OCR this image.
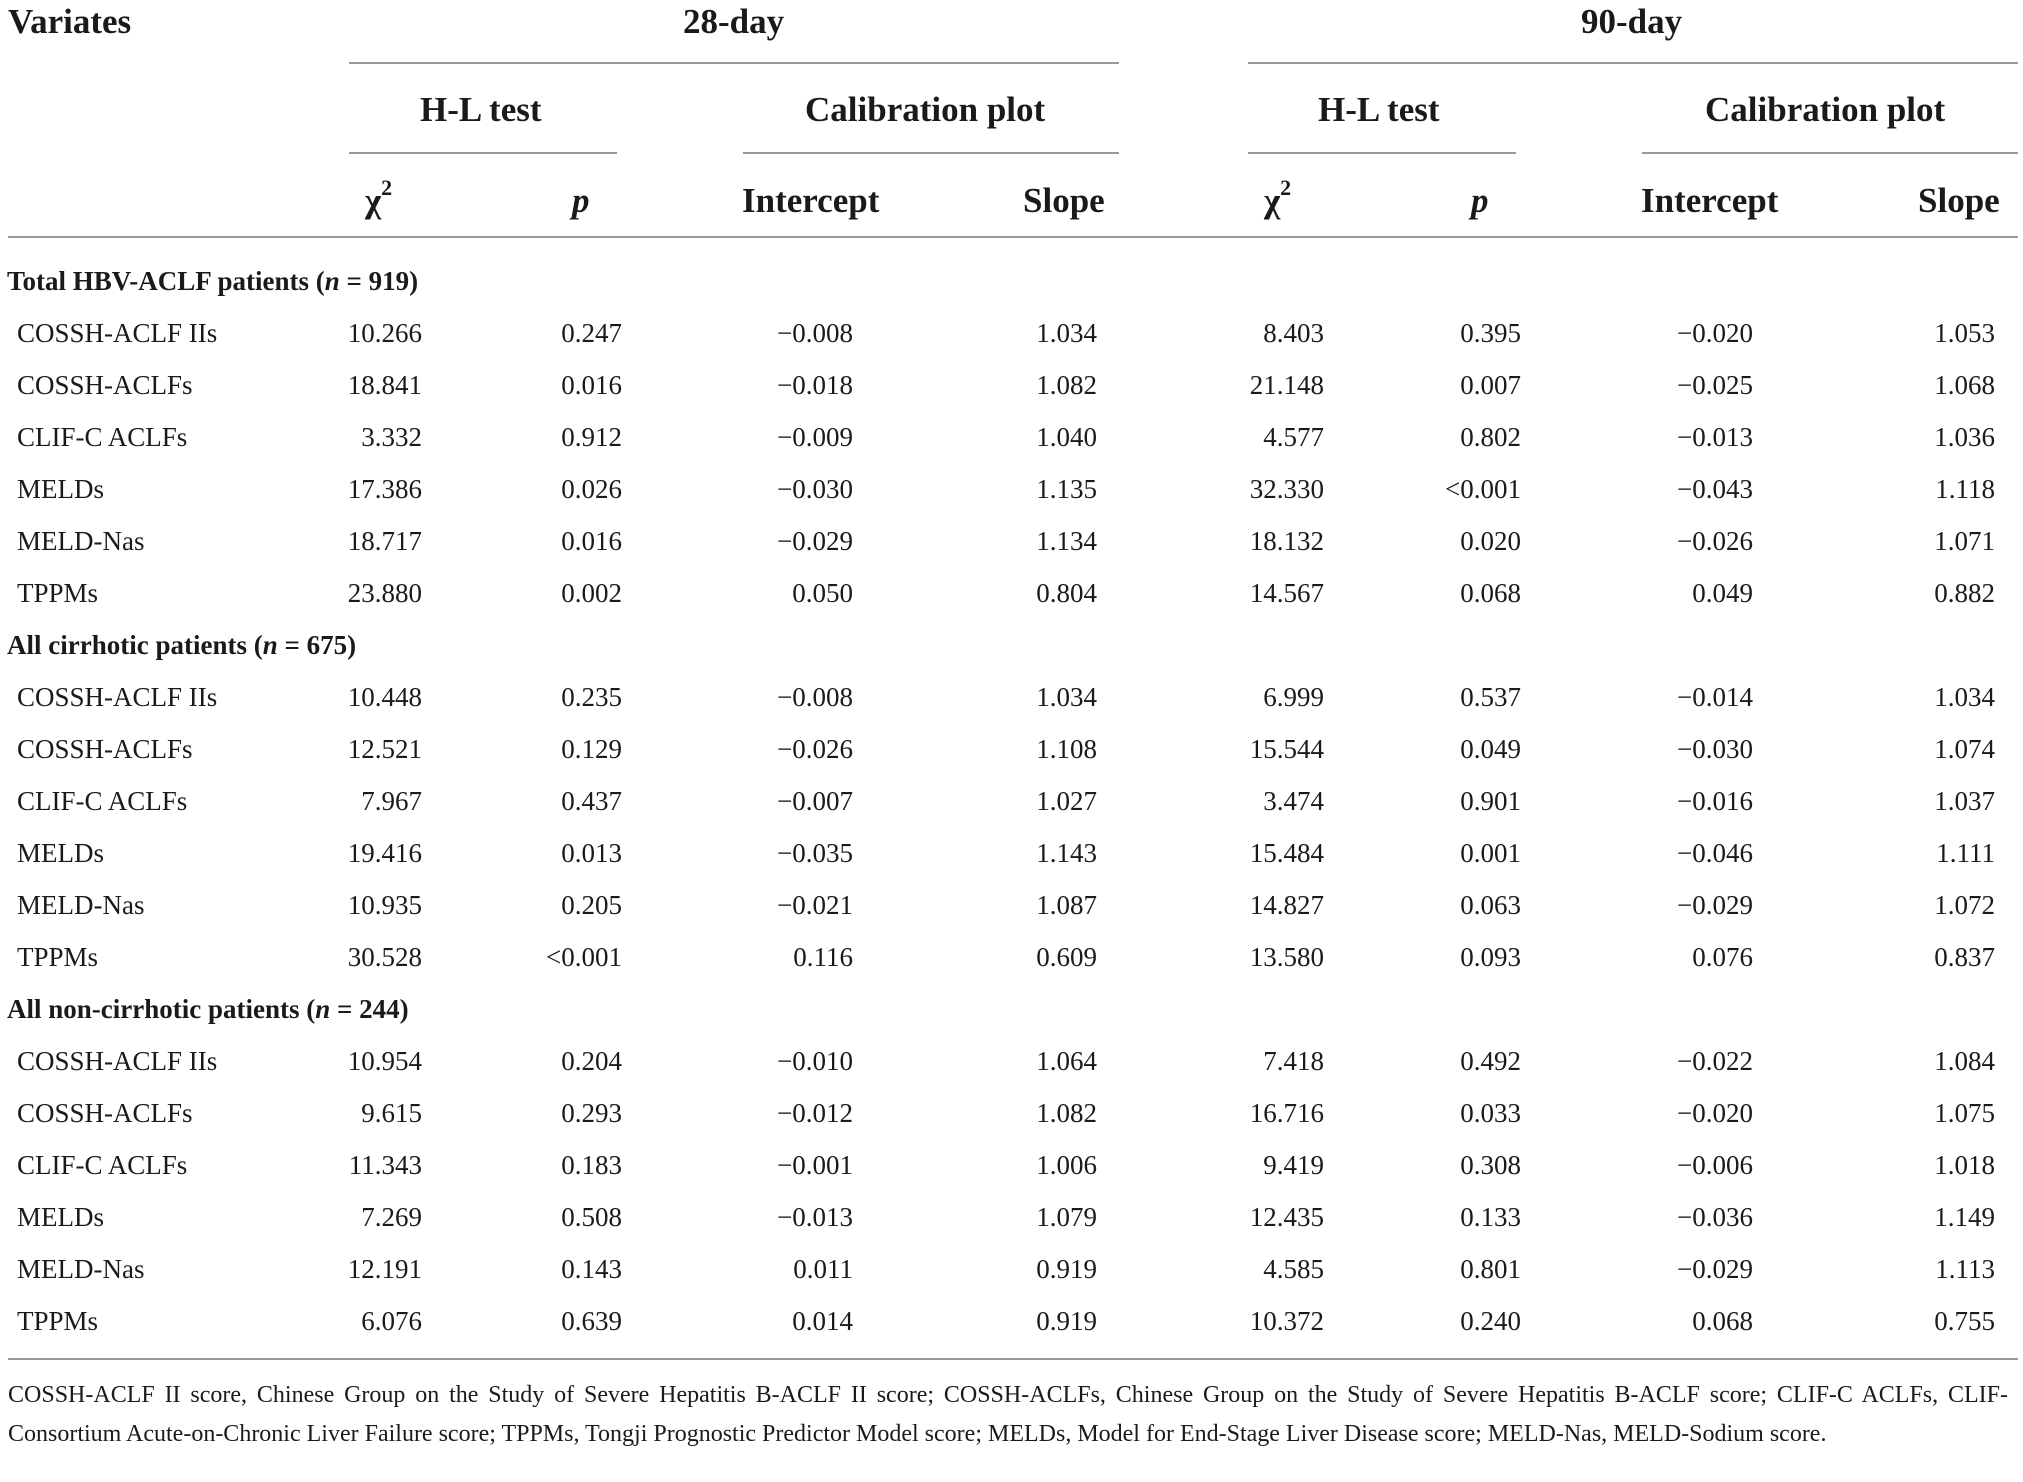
Variates	28-day	90-day
H-L test	Calibration plot	H-L test	Calibration plot
$\chi^2$	p	Intercept	Slope	$\chi^2$	p	Intercept	Slope
Total HBV-ACLF patients (n = 919)
COSSH-ACLF IIs	10.266	0.247	−0.008	1.034	8.403	0.395	−0.020	1.053
COSSH-ACLFs	18.841	0.016	−0.018	1.082	21.148	0.007	−0.025	1.068
CLIF-C ACLFs	3.332	0.912	−0.009	1.040	4.577	0.802	−0.013	1.036
MELDs	17.386	0.026	−0.030	1.135	32.330	<0.001	−0.043	1.118
MELD-Nas	18.717	0.016	−0.029	1.134	18.132	0.020	−0.026	1.071
TPPMs	23.880	0.002	0.050	0.804	14.567	0.068	0.049	0.882
All cirrhotic patients (n = 675)
COSSH-ACLF IIs	10.448	0.235	−0.008	1.034	6.999	0.537	−0.014	1.034
COSSH-ACLFs	12.521	0.129	−0.026	1.108	15.544	0.049	−0.030	1.074
CLIF-C ACLFs	7.967	0.437	−0.007	1.027	3.474	0.901	−0.016	1.037
MELDs	19.416	0.013	−0.035	1.143	15.484	0.001	−0.046	1.111
MELD-Nas	10.935	0.205	−0.021	1.087	14.827	0.063	−0.029	1.072
TPPMs	30.528	<0.001	0.116	0.609	13.580	0.093	0.076	0.837
All non-cirrhotic patients (n = 244)
COSSH-ACLF IIs	10.954	0.204	−0.010	1.064	7.418	0.492	−0.022	1.084
COSSH-ACLFs	9.615	0.293	−0.012	1.082	16.716	0.033	−0.020	1.075
CLIF-C ACLFs	11.343	0.183	−0.001	1.006	9.419	0.308	−0.006	1.018
MELDs	7.269	0.508	−0.013	1.079	12.435	0.133	−0.036	1.149
MELD-Nas	12.191	0.143	0.011	0.919	4.585	0.801	−0.029	1.113
TPPMs	6.076	0.639	0.014	0.919	10.372	0.240	0.068	0.755
COSSH-ACLF II score, Chinese Group on the Study of Severe Hepatitis B-ACLF II score; COSSH-ACLFs, Chinese Group on the Study of Severe Hepatitis B-ACLF score; CLIF-C ACLFs, CLIF-Consortium Acute-on-Chronic Liver Failure score; TPPMs, Tongji Prognostic Predictor Model score; MELDs, Model for End-Stage Liver Disease score; MELD-Nas, MELD-Sodium score.
